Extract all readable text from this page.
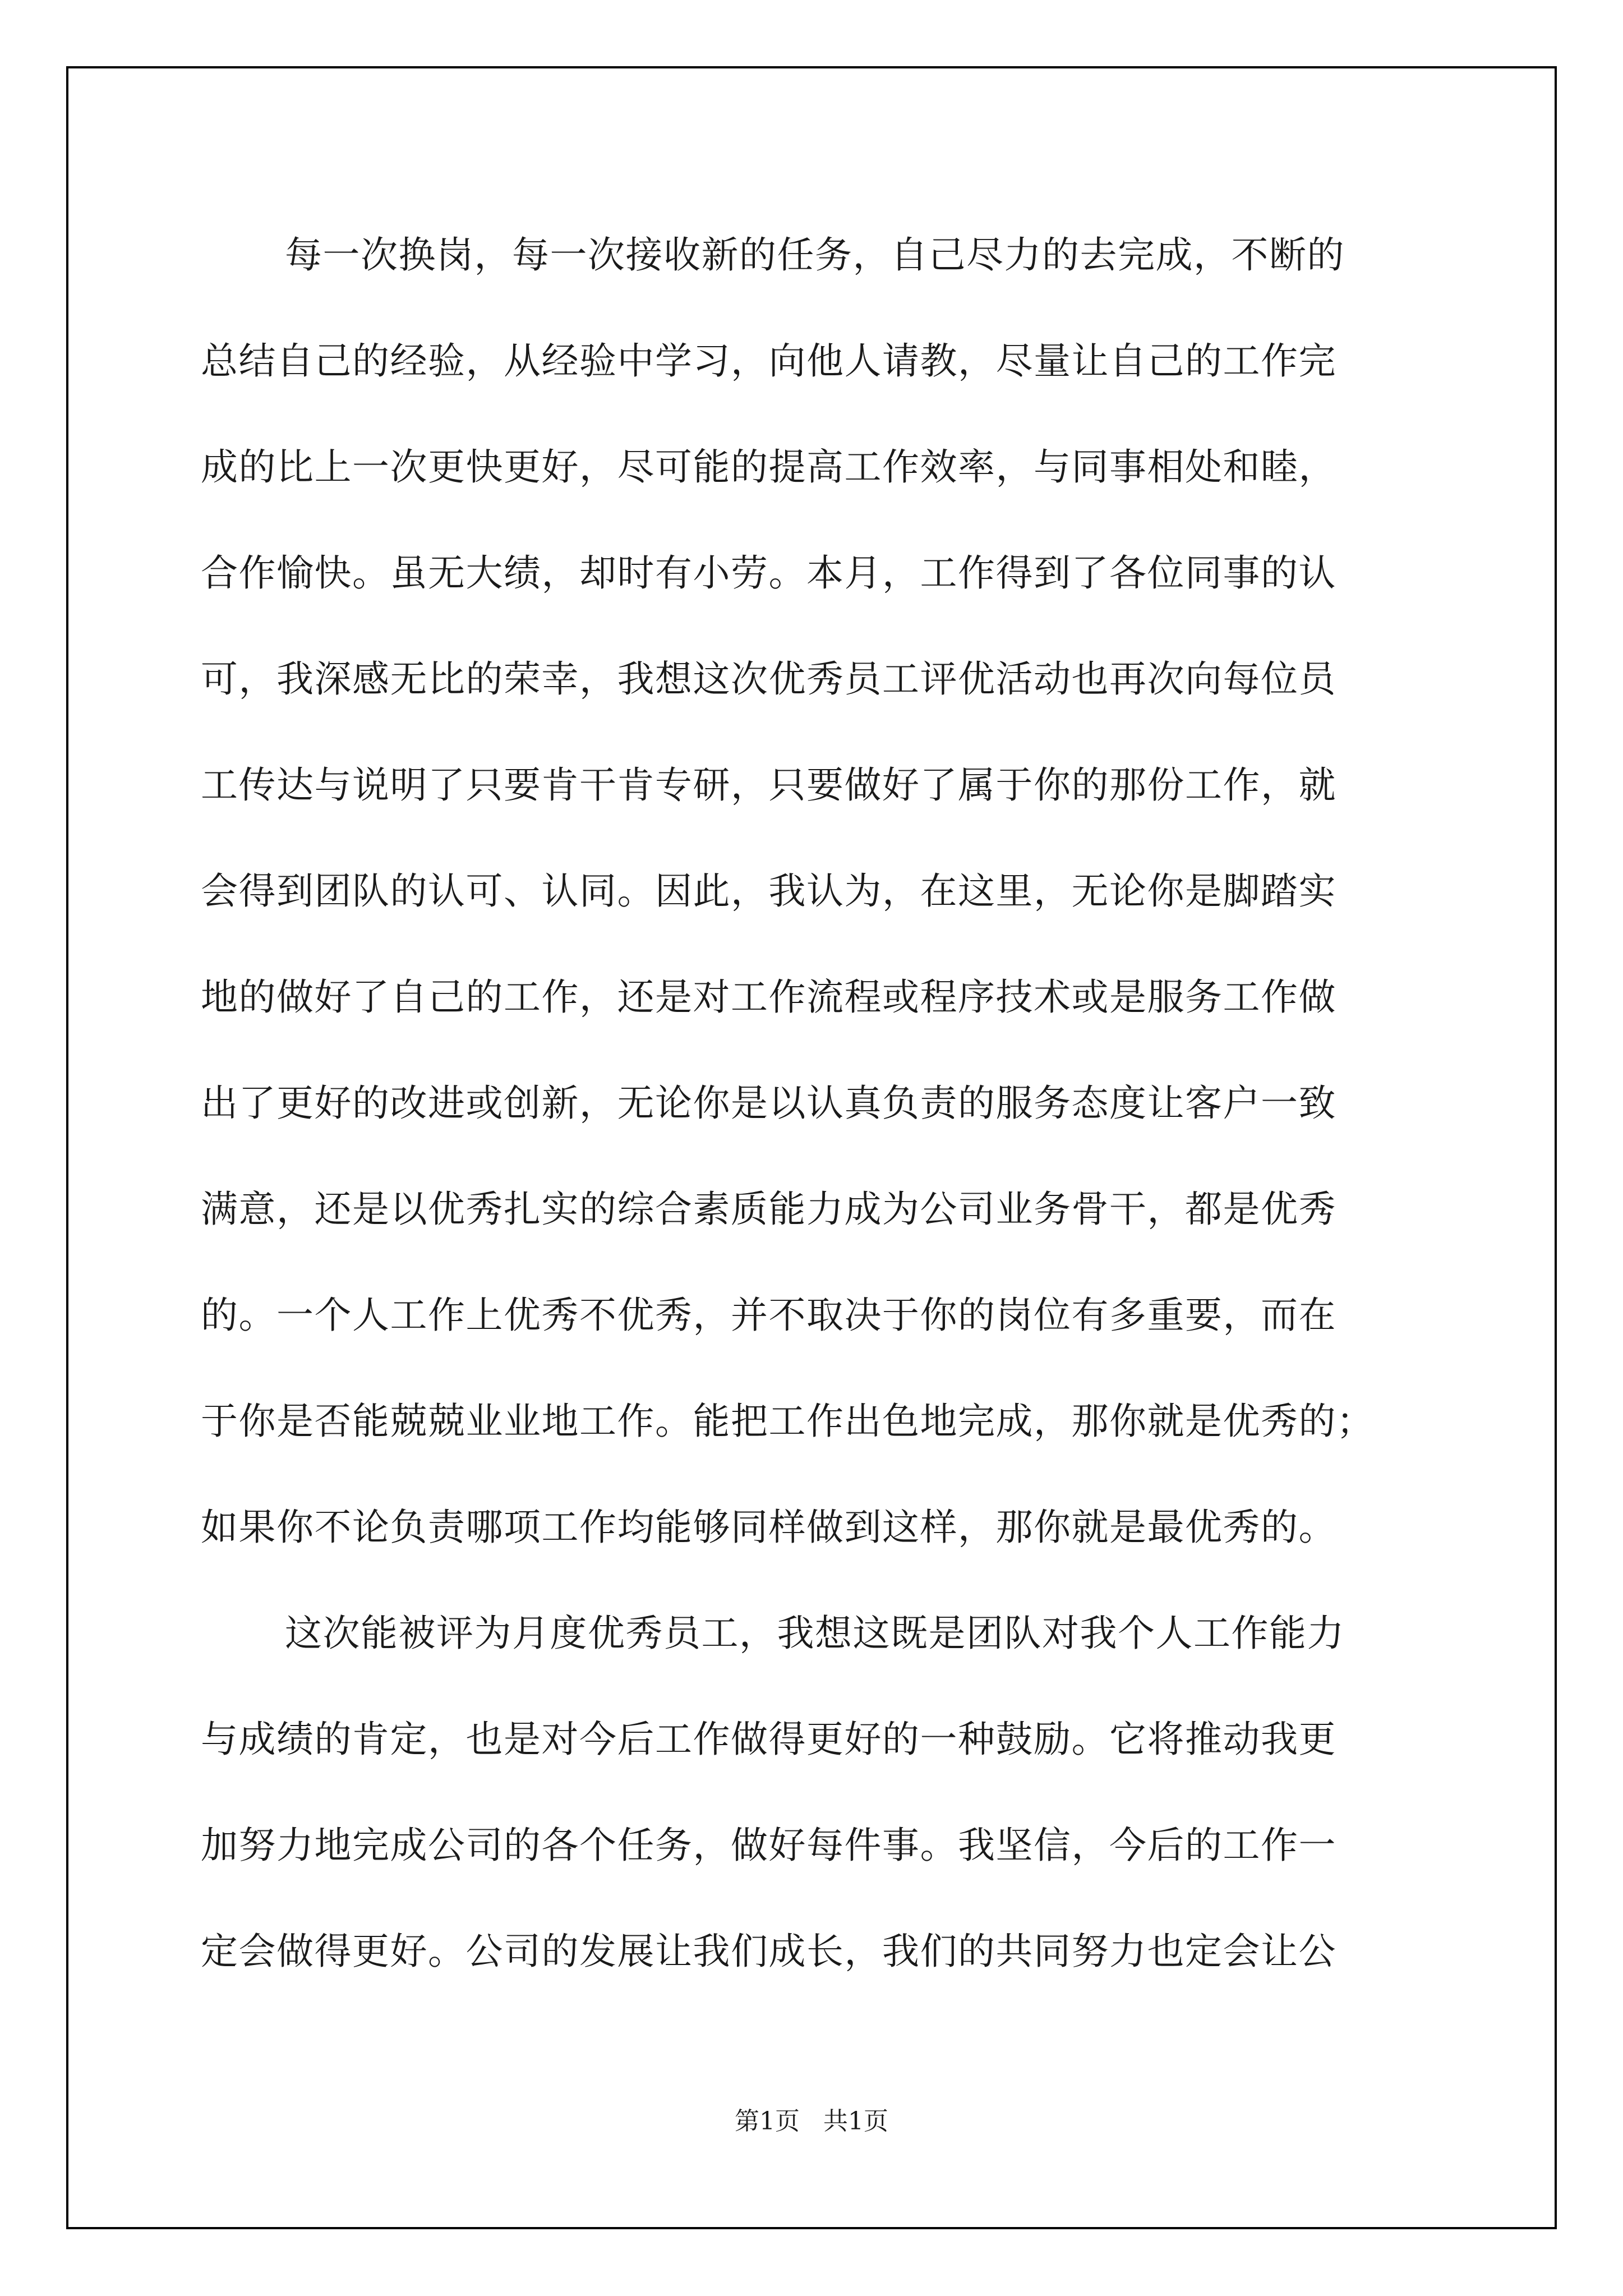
每一次换岗，每一次接收新的任务，自己尽力的去完成，不断的
总结自己的经验，从经验中学习，向他人请教，尽量让自己的工作完
成的比上一次更快更好，尽可能的提高工作效率，与同事相处和睦，
合作愉快。虽无大绩，却时有小劳。本月，工作得到了各位同事的认
可，我深感无比的荣幸，我想这次优秀员工评优活动也再次向每位员
工传达与说明了只要肯干肯专研，只要做好了属于你的那份工作，就
会得到团队的认可、认同。因此，我认为，在这里，无论你是脚踏实
地的做好了自己的工作，还是对工作流程或程序技术或是服务工作做
出了更好的改进或创新，无论你是以认真负责的服务态度让客户一致
满意，还是以优秀扎实的综合素质能力成为公司业务骨干，都是优秀
的。一个人工作上优秀不优秀，并不取决于你的岗位有多重要，而在
于你是否能兢兢业业地工作。能把工作出色地完成，那你就是优秀的；
如果你不论负责哪项工作均能够同样做到这样，那你就是最优秀的。
这次能被评为月度优秀员工，我想这既是团队对我个人工作能力
与成绩的肯定，也是对今后工作做得更好的一种鼓励。它将推动我更
加努力地完成公司的各个任务，做好每件事。我坚信，今后的工作一
定会做得更好。公司的发展让我们成长，我们的共同努力也定会让公
第1页   共1页
